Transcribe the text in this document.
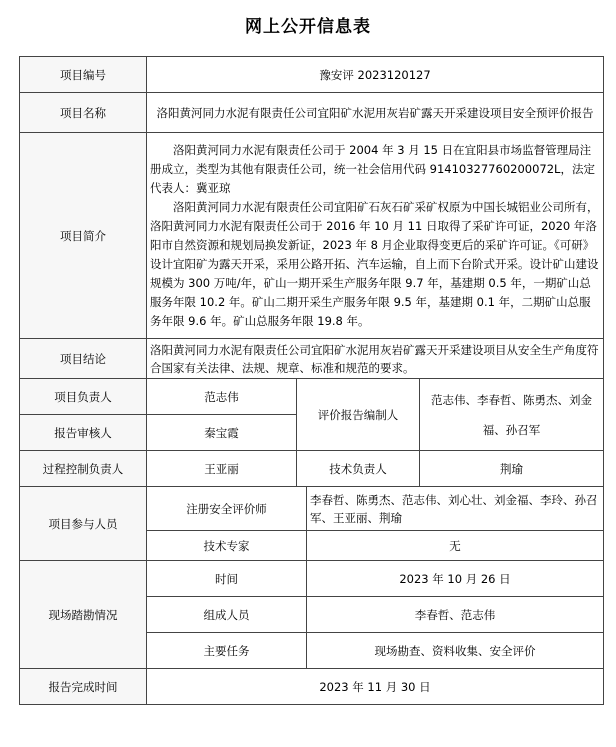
网上公开信息表
项目编号	豫安评 2023120127			
项目名称	洛阳黄河同力水泥有限责任公司宜阳矿水泥用灰岩矿露天开采建设项目安全预评价报告			
项目简介	洛阳黄河同力水泥有限责任公司于 2004 年 3 月 15 日在宜阳县市场监督管理局注册成立，类型为其他有限责任公司，统一社会信用代码 91410327760200072L，法定代表人：冀亚琼

洛阳黄河同力水泥有限责任公司宜阳矿石灰石矿采矿权原为中国长城铝业公司所有，洛阳黄河同力水泥有限责任公司于 2016 年 10 月 11 日取得了采矿许可证，2020 年洛阳市自然资源和规划局换发新证，2023 年 8 月企业取得变更后的采矿许可证。《可研》设计宜阳矿为露天开采，采用公路开拓、汽车运输，自上而下台阶式开采。设计矿山建设规模为 300 万吨/年，矿山一期开采生产服务年限 9.7 年，基建期 0.5 年，一期矿山总服务年限 10.2 年。矿山二期开采生产服务年限 9.5 年，基建期 0.1 年，二期矿山总服务年限 9.6 年。矿山总服务年限 19.8 年。			

项目结论	洛阳黄河同力水泥有限责任公司宜阳矿水泥用灰岩矿露天开采建设项目从安全生产角度符合国家有关法律、法规、规章、标准和规范的要求。			
项目负责人	范志伟	评价报告编制人		范志伟、李春哲、陈勇杰、刘金福、孙召军
报告审核人	秦宝霞			
过程控制负责人	王亚丽	技术负责人		荆瑜
项目参与人员	注册安全评价师		李春哲、陈勇杰、范志伟、刘心壮、刘金福、李玲、孙召军、王亚丽、荆瑜	
	技术专家		无	
现场踏勘情况	时间		2023 年 10 月 26 日	
	组成人员		李春哲、范志伟	
	主要任务		现场勘查、资料收集、安全评价	
报告完成时间	2023 年 11 月 30 日			
